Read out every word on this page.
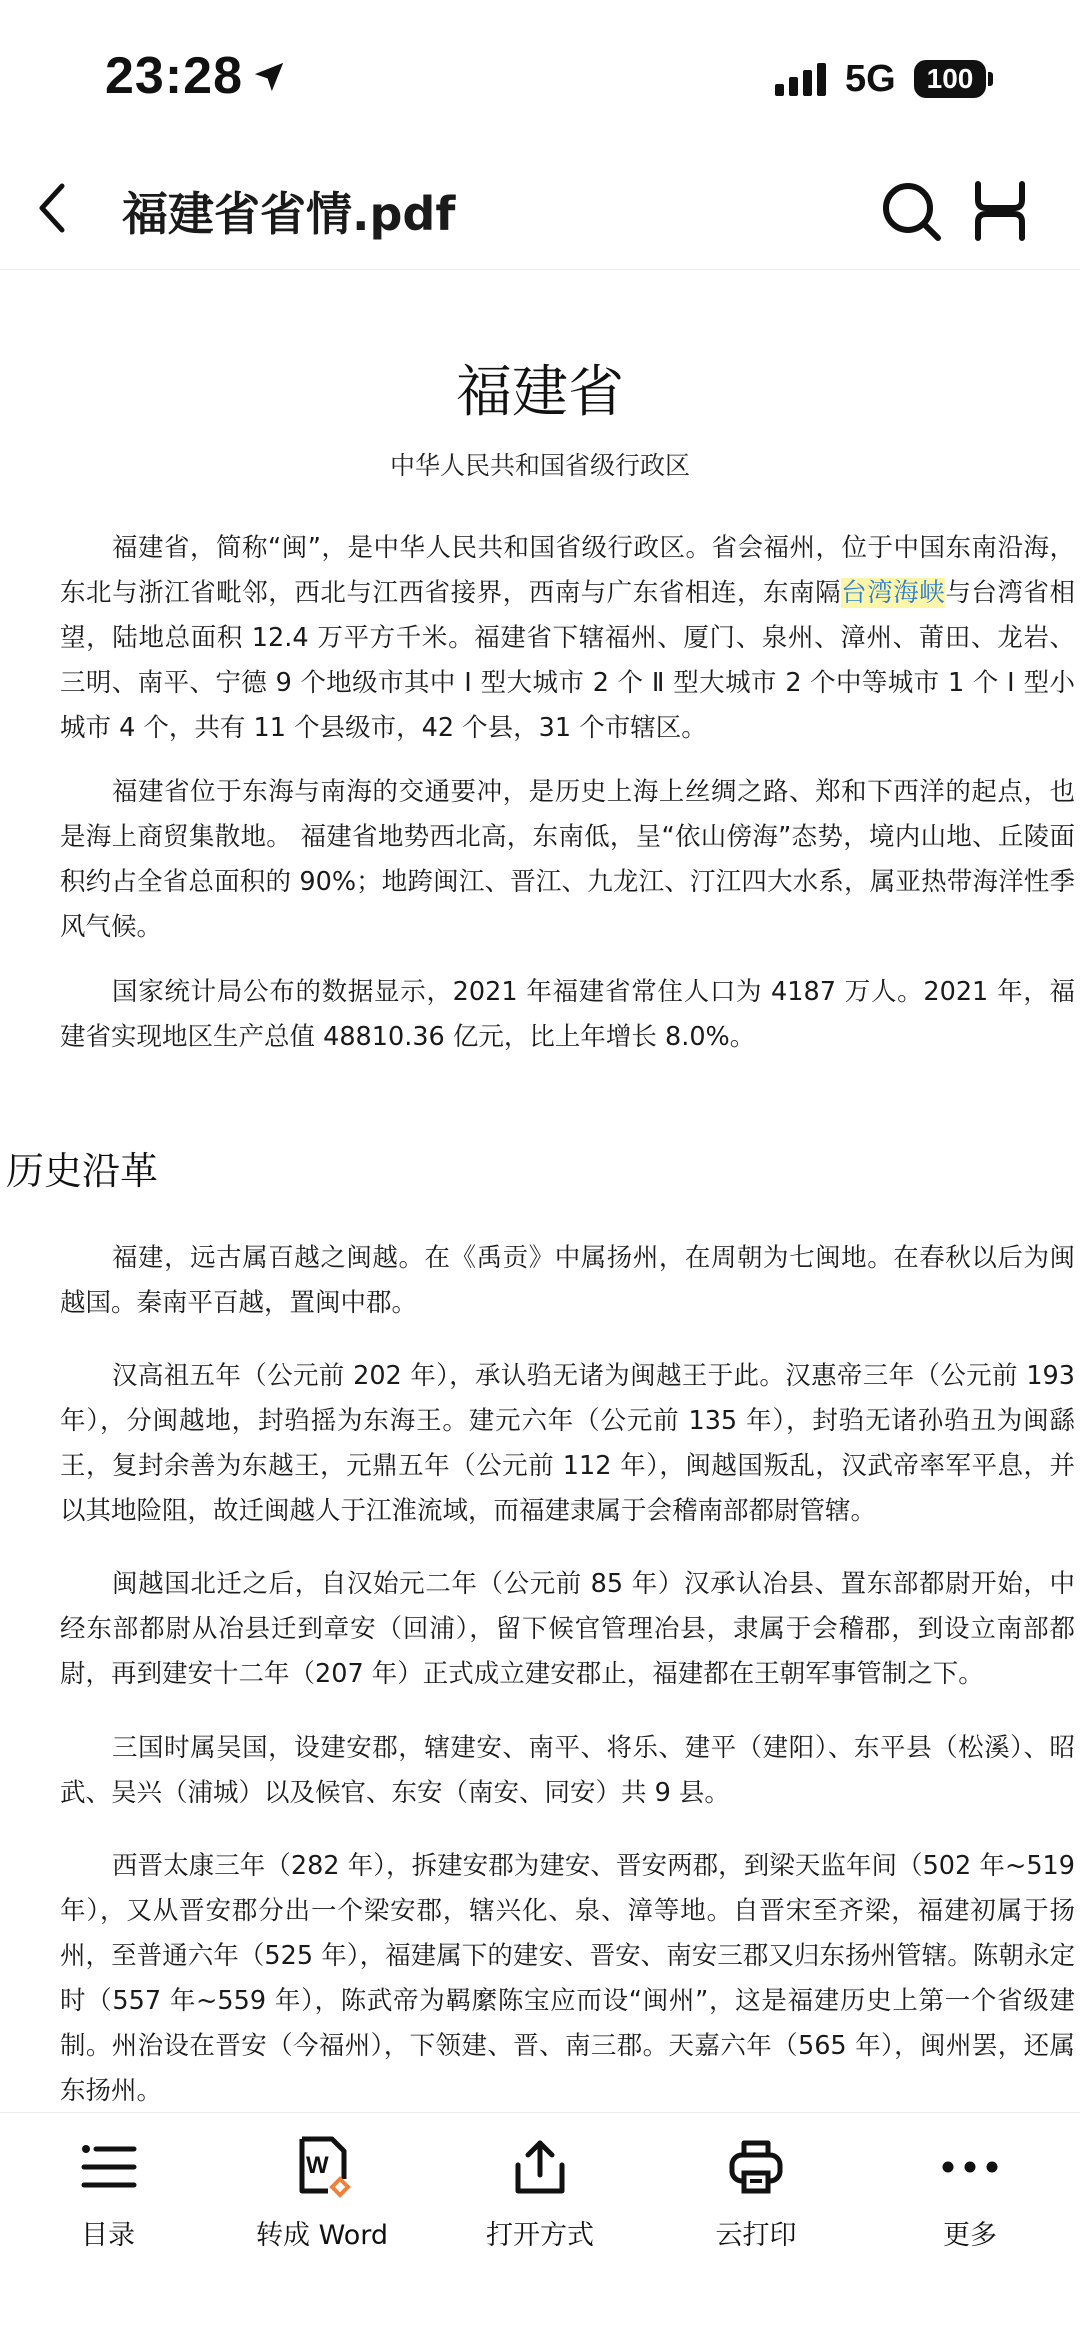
23:28	5G 100
福建省省情.pdf
福建省
中华人民共和国省级行政区

福建省，简称“闽”，是中华人民共和国省级行政区。省会福州，位于中国东南沿海，东北与浙江省毗邻，西北与江西省接界，西南与广东省相连，东南隔台湾海峡与台湾省相望，陆地总面积 12.4 万平方千米。福建省下辖福州、厦门、泉州、漳州、莆田、龙岩、三明、南平、宁德 9 个地级市其中 Ⅰ 型大城市 2 个 Ⅱ 型大城市 2 个中等城市 1 个 Ⅰ 型小城市 4 个，共有 11 个县级市，42 个县，31 个市辖区。

福建省位于东海与南海的交通要冲，是历史上海上丝绸之路、郑和下西洋的起点，也是海上商贸集散地。 福建省地势西北高，东南低，呈“依山傍海”态势，境内山地、丘陵面积约占全省总面积的 90%；地跨闽江、晋江、九龙江、汀江四大水系，属亚热带海洋性季风气候。

国家统计局公布的数据显示，2021 年福建省常住人口为 4187 万人。2021 年，福建省实现地区生产总值 48810.36 亿元，比上年增长 8.0%。

历史沿革

福建，远古属百越之闽越。在《禹贡》中属扬州，在周朝为七闽地。在春秋以后为闽越国。秦南平百越，置闽中郡。

汉高祖五年（公元前 202 年），承认驺无诸为闽越王于此。汉惠帝三年（公元前 193 年），分闽越地，封驺摇为东海王。建元六年（公元前 135 年），封驺无诸孙驺丑为闽繇王，复封余善为东越王，元鼎五年（公元前 112 年），闽越国叛乱，汉武帝率军平息，并以其地险阻，故迁闽越人于江淮流域，而福建隶属于会稽南部都尉管辖。

闽越国北迁之后，自汉始元二年（公元前 85 年）汉承认冶县、置东部都尉开始，中经东部都尉从冶县迁到章安（回浦），留下候官管理冶县，隶属于会稽郡，到设立南部都尉，再到建安十二年（207 年）正式成立建安郡止，福建都在王朝军事管制之下。

三国时属吴国，设建安郡，辖建安、南平、将乐、建平（建阳）、东平县（松溪）、昭武、吴兴（浦城）以及候官、东安（南安、同安）共 9 县。

西晋太康三年（282 年），拆建安郡为建安、晋安两郡，到梁天监年间（502 年~519 年），又从晋安郡分出一个梁安郡，辖兴化、泉、漳等地。自晋宋至齐梁，福建初属于扬州，至普通六年（525 年），福建属下的建安、晋安、南安三郡又归东扬州管辖。陈朝永定时（557 年~559 年），陈武帝为羁縻陈宝应而设“闽州”，这是福建历史上第一个省级建制。州治设在晋安（今福州），下领建、晋、南三郡。天嘉六年（565 年），闽州罢，还属东扬州。

目录
W
转成 Word	打开方式	云打印	更多
